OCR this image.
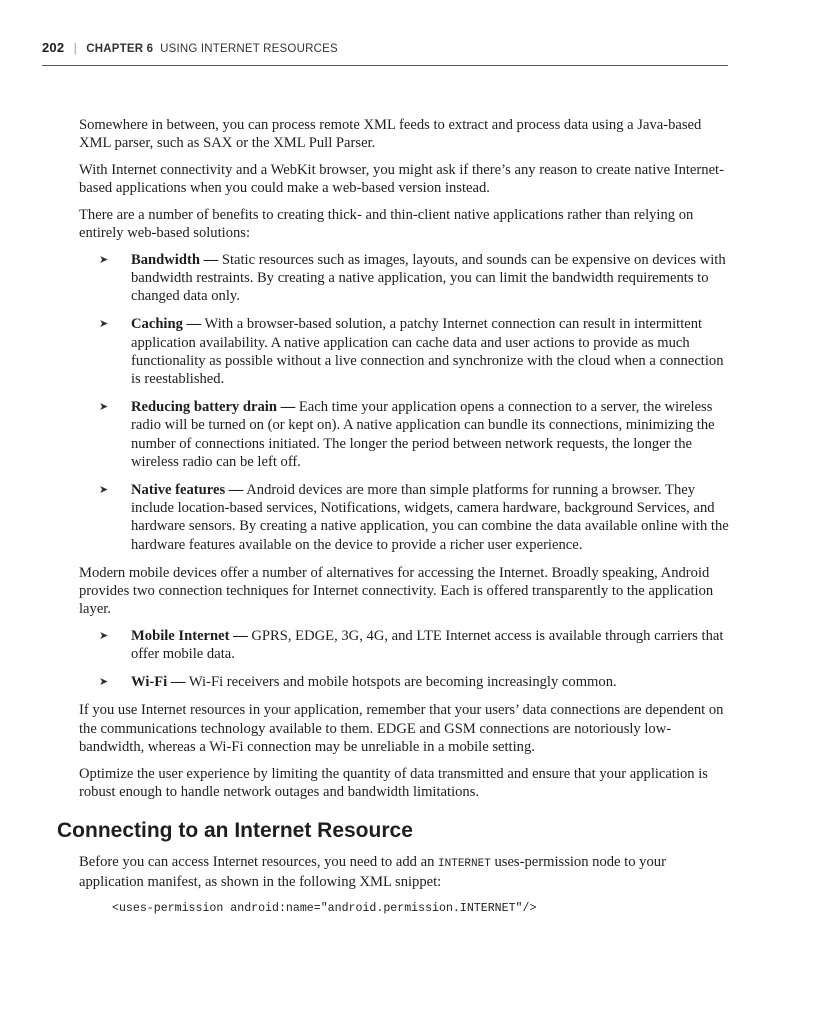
202 | CHAPTER 6 USING INTERNET RESOURCES

Somewhere in between, you can process remote XML feeds to extract and process data using a Java-based XML parser, such as SAX or the XML Pull Parser.

With Internet connectivity and a WebKit browser, you might ask if there’s any reason to create native Internet-based applications when you could make a web-based version instead.

There are a number of benefits to creating thick- and thin-client native applications rather than relying on entirely web-based solutions:

➤ Bandwidth — Static resources such as images, layouts, and sounds can be expensive on devices with bandwidth restraints. By creating a native application, you can limit the bandwidth requirements to changed data only.
➤ Caching — With a browser-based solution, a patchy Internet connection can result in intermittent application availability. A native application can cache data and user actions to provide as much functionality as possible without a live connection and synchronize with the cloud when a connection is reestablished.
➤ Reducing battery drain — Each time your application opens a connection to a server, the wireless radio will be turned on (or kept on). A native application can bundle its connections, minimizing the number of connections initiated. The longer the period between network requests, the longer the wireless radio can be left off.
➤ Native features — Android devices are more than simple platforms for running a browser. They include location-based services, Notifications, widgets, camera hardware, background Services, and hardware sensors. By creating a native application, you can combine the data available online with the hardware features available on the device to provide a richer user experience.

Modern mobile devices offer a number of alternatives for accessing the Internet. Broadly speaking, Android provides two connection techniques for Internet connectivity. Each is offered transparently to the application layer.

➤ Mobile Internet — GPRS, EDGE, 3G, 4G, and LTE Internet access is available through carriers that offer mobile data.
➤ Wi-Fi — Wi-Fi receivers and mobile hotspots are becoming increasingly common.

If you use Internet resources in your application, remember that your users’ data connections are dependent on the communications technology available to them. EDGE and GSM connections are notoriously low-bandwidth, whereas a Wi-Fi connection may be unreliable in a mobile setting.

Optimize the user experience by limiting the quantity of data transmitted and ensure that your application is robust enough to handle network outages and bandwidth limitations.

Connecting to an Internet Resource

Before you can access Internet resources, you need to add an INTERNET uses-permission node to your application manifest, as shown in the following XML snippet:

<uses-permission android:name="android.permission.INTERNET"/>
